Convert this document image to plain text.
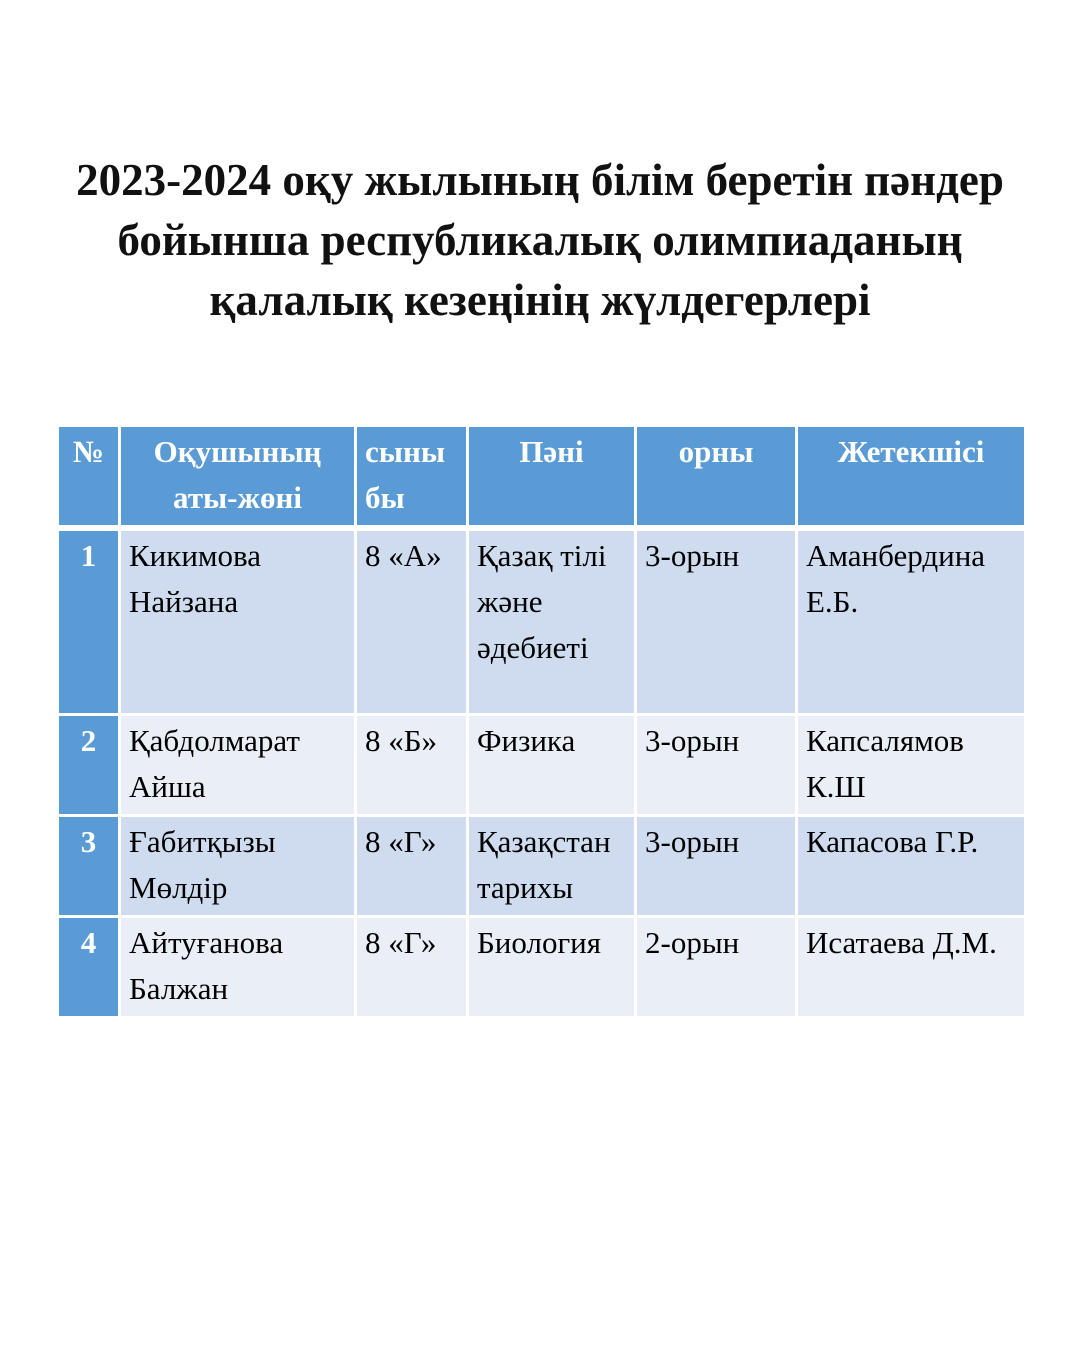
2023-2024 оқу жылының білім беретін пәндер
бойынша республикалық олимпиаданың
қалалық кезеңінің жүлдегерлері
№	Оқушының аты-жөні	сыныбы	Пәні	орны	Жетекшісі
1	Кикимова Найзана	8 «А»	Қазақ тілі және әдебиеті	3-орын	Аманбердина Е.Б.
2	Қабдолмарат Айша	8 «Б»	Физика	3-орын	Капсалямов К.Ш
3	Ғабитқызы Мөлдір	8 «Г»	Қазақстан тарихы	3-орын	Капасова Г.Р.
4	Айтуғанова Балжан	8 «Г»	Биология	2-орын	Исатаева Д.М.
